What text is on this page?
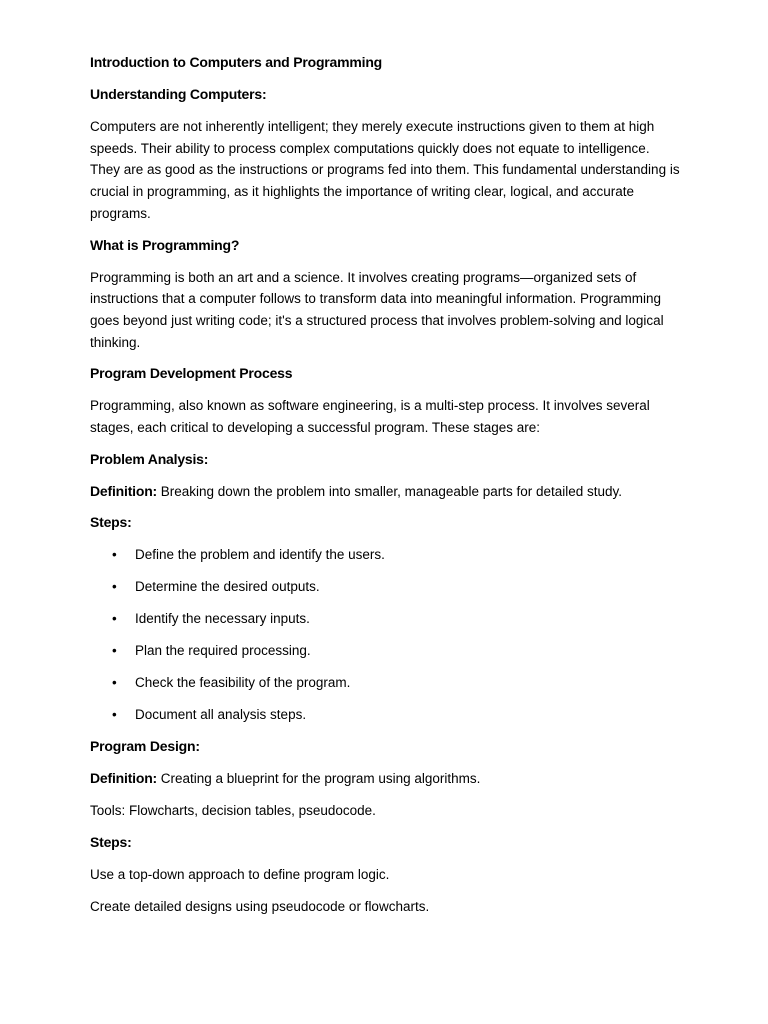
Introduction to Computers and Programming
Understanding Computers:
Computers are not inherently intelligent; they merely execute instructions given to them at high speeds. Their ability to process complex computations quickly does not equate to intelligence. They are as good as the instructions or programs fed into them. This fundamental understanding is crucial in programming, as it highlights the importance of writing clear, logical, and accurate programs.
What is Programming?
Programming is both an art and a science. It involves creating programs—organized sets of instructions that a computer follows to transform data into meaningful information. Programming goes beyond just writing code; it's a structured process that involves problem-solving and logical thinking.
Program Development Process
Programming, also known as software engineering, is a multi-step process. It involves several stages, each critical to developing a successful program. These stages are:
Problem Analysis:
Definition: Breaking down the problem into smaller, manageable parts for detailed study.
Steps:
• Define the problem and identify the users.
• Determine the desired outputs.
• Identify the necessary inputs.
• Plan the required processing.
• Check the feasibility of the program.
• Document all analysis steps.
Program Design:
Definition: Creating a blueprint for the program using algorithms.
Tools: Flowcharts, decision tables, pseudocode.
Steps:
Use a top-down approach to define program logic.
Create detailed designs using pseudocode or flowcharts.
